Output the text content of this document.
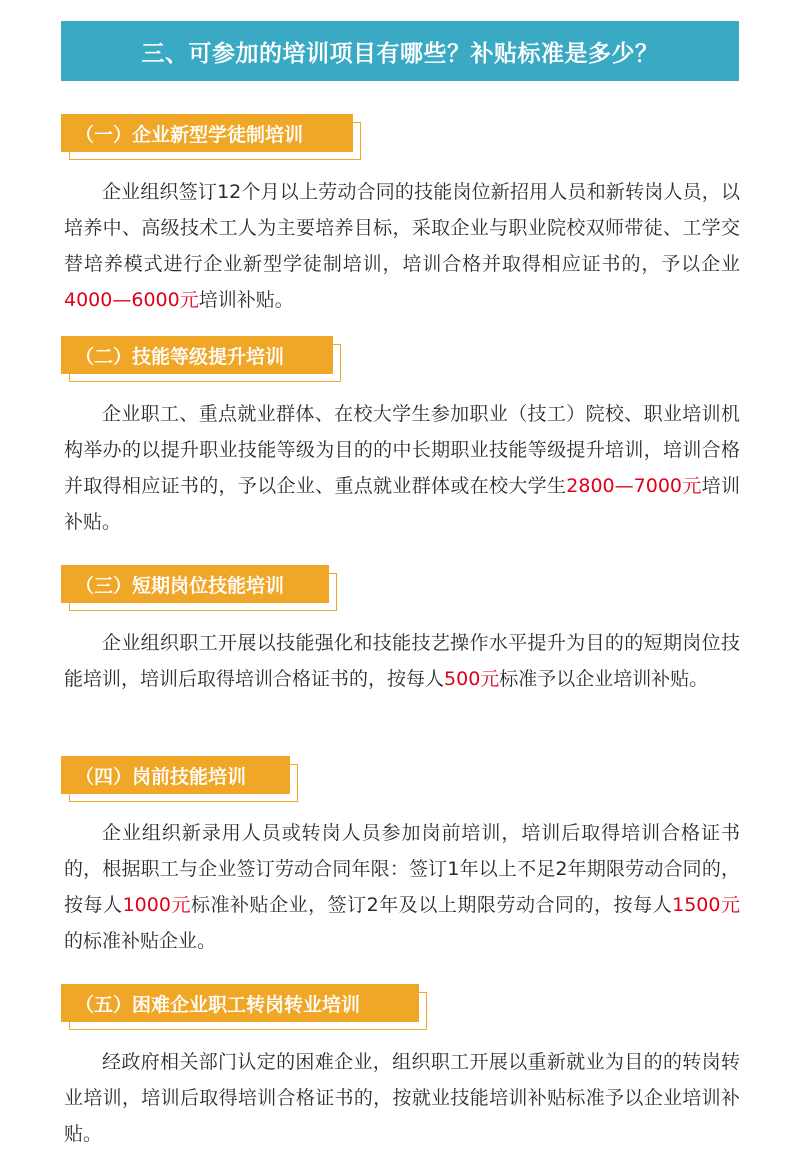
三、可参加的培训项目有哪些？补贴标准是多少？
（一）企业新型学徒制培训

企业组织签订12个月以上劳动合同的技能岗位新招用人员和新转岗人员，以培养中、高级技术工人为主要培养目标，采取企业与职业院校双师带徒、工学交替培养模式进行企业新型学徒制培训，培训合格并取得相应证书的，予以企业4000—6000元培训补贴。

（二）技能等级提升培训

企业职工、重点就业群体、在校大学生参加职业（技工）院校、职业培训机构举办的以提升职业技能等级为目的的中长期职业技能等级提升培训，培训合格并取得相应证书的，予以企业、重点就业群体或在校大学生2800—7000元培训补贴。

（三）短期岗位技能培训

企业组织职工开展以技能强化和技能技艺操作水平提升为目的的短期岗位技能培训，培训后取得培训合格证书的，按每人500元标准予以企业培训补贴。

（四）岗前技能培训

企业组织新录用人员或转岗人员参加岗前培训，培训后取得培训合格证书的，根据职工与企业签订劳动合同年限：签订1年以上不足2年期限劳动合同的，按每人1000元标准补贴企业，签订2年及以上期限劳动合同的，按每人1500元的标准补贴企业。

（五）困难企业职工转岗转业培训

经政府相关部门认定的困难企业，组织职工开展以重新就业为目的的转岗转业培训，培训后取得培训合格证书的，按就业技能培训补贴标准予以企业培训补贴。
